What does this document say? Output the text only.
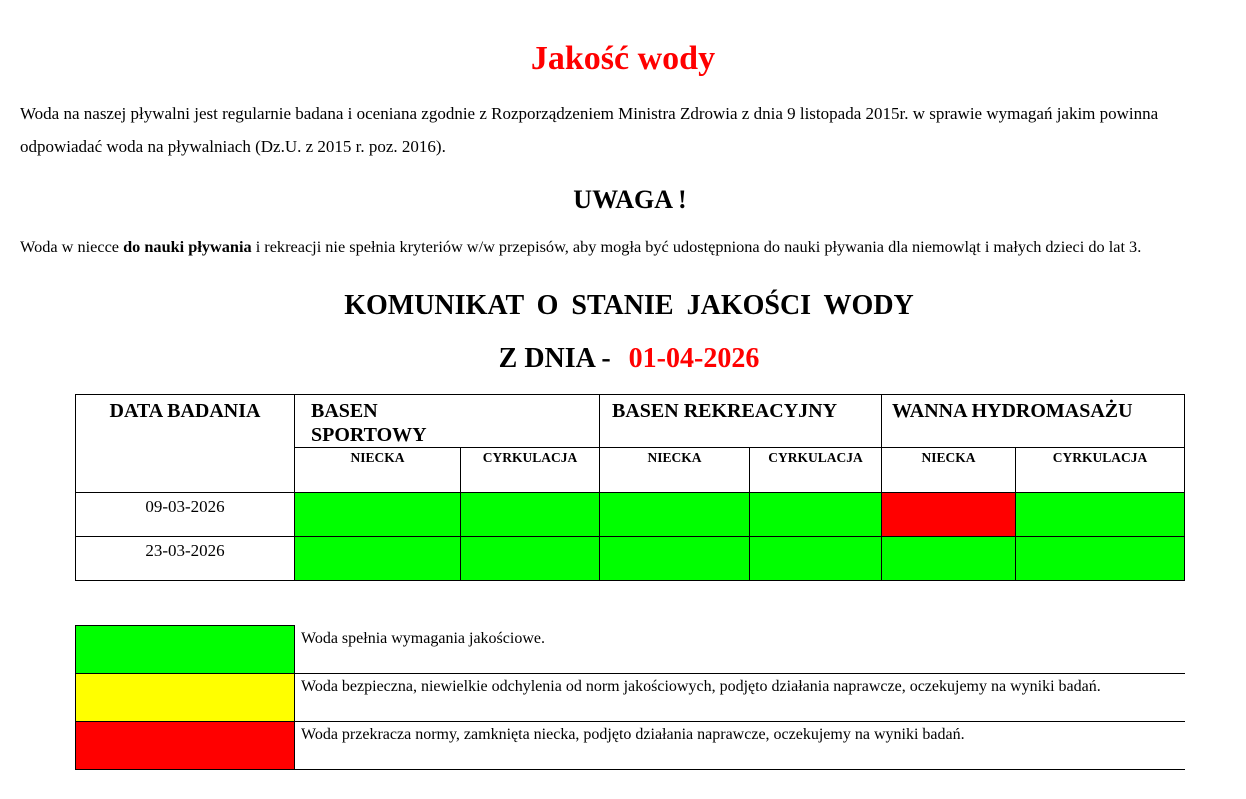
Jakość wody
Woda na naszej pływalni jest regularnie badana i oceniana zgodnie z Rozporządzeniem Ministra Zdrowia z dnia 9 listopada 2015r. w sprawie wymagań jakim powinna odpowiadać woda na pływalniach (Dz.U. z 2015 r. poz. 2016).
UWAGA !
Woda w niecce do nauki pływania i rekreacji nie spełnia kryteriów w/w przepisów, aby mogła być udostępniona do nauki pływania dla niemowląt i małych dzieci do lat 3.
KOMUNIKAT O STANIE JAKOŚCI WODY
Z DNIA - 01-04-2026
DATA BADANIA	BASEN SPORTOWY		BASEN REKREACYJNY		WANNA HYDROMASAŻU	

	NIECKA	CYRKULACJA	NIECKA	CYRKULACJA	NIECKA	CYRKULACJA

09-03-2026						

23-03-2026						

	Woda spełnia wymagania jakościowe.
	Woda bezpieczna, niewielkie odchylenia od norm jakościowych, podjęto działania naprawcze, oczekujemy na wyniki badań.
	Woda przekracza normy, zamknięta niecka, podjęto działania naprawcze, oczekujemy na wyniki badań.
